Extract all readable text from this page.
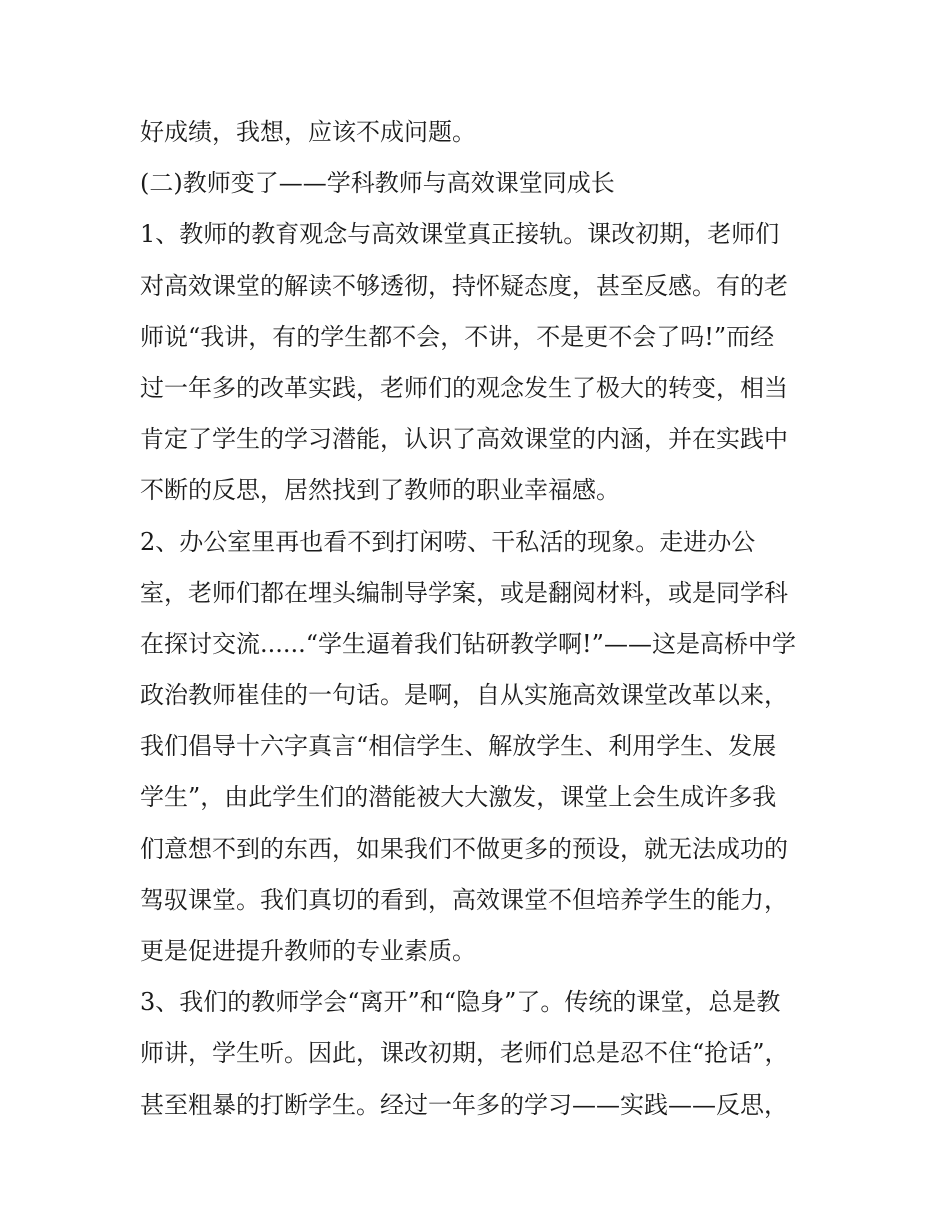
好成绩，我想，应该不成问题。
(二)教师变了——学科教师与高效课堂同成长
1、教师的教育观念与高效课堂真正接轨。课改初期，老师们
对高效课堂的解读不够透彻，持怀疑态度，甚至反感。有的老
师说“我讲，有的学生都不会，不讲，不是更不会了吗!”而经
过一年多的改革实践，老师们的观念发生了极大的转变，相当
肯定了学生的学习潜能，认识了高效课堂的内涵，并在实践中
不断的反思，居然找到了教师的职业幸福感。
2、办公室里再也看不到打闲唠、干私活的现象。走进办公
室，老师们都在埋头编制导学案，或是翻阅材料，或是同学科
在探讨交流......“学生逼着我们钻研教学啊!”——这是高桥中学
政治教师崔佳的一句话。是啊，自从实施高效课堂改革以来，
我们倡导十六字真言“相信学生、解放学生、利用学生、发展
学生”，由此学生们的潜能被大大激发，课堂上会生成许多我
们意想不到的东西，如果我们不做更多的预设，就无法成功的
驾驭课堂。我们真切的看到，高效课堂不但培养学生的能力，
更是促进提升教师的专业素质。
3、我们的教师学会“离开”和“隐身”了。传统的课堂，总是教
师讲，学生听。因此，课改初期，老师们总是忍不住“抢话”，
甚至粗暴的打断学生。经过一年多的学习——实践——反思，
